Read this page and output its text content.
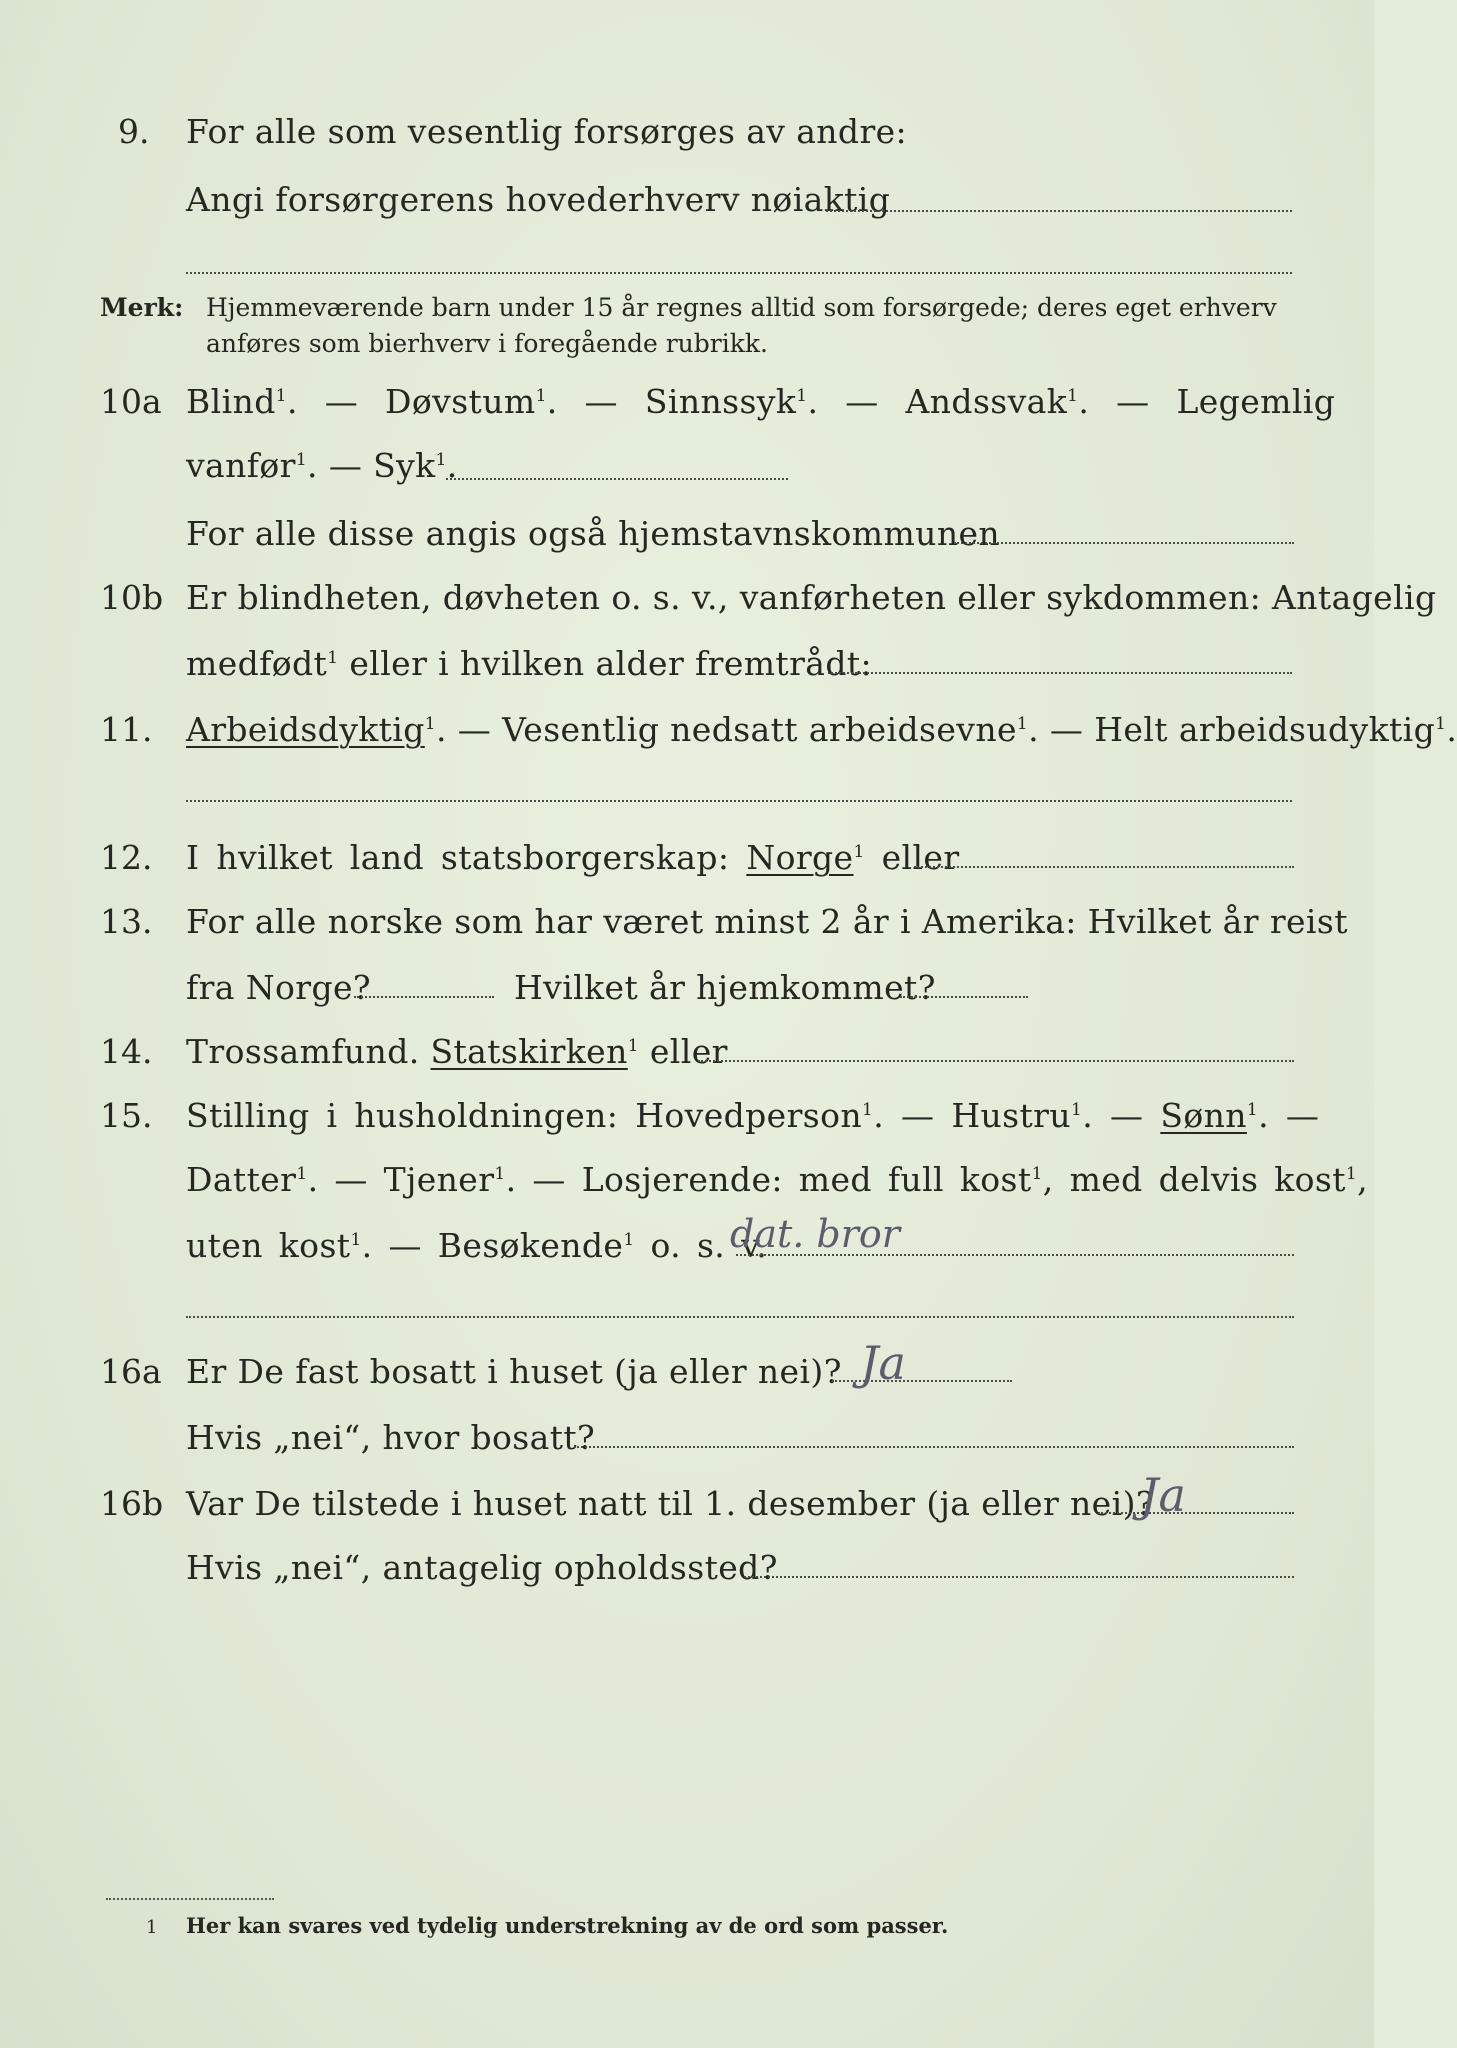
9. For alle som vesentlig forsørges av andre:
Angi forsørgerens hovederhverv nøiaktig
Merk: Hjemmeværende barn under 15 år regnes alltid som forsørgede; deres eget erhverv
anføres som bierhverv i foregående rubrikk.
10a Blind$^1$. — Døvstum$^1$. — Sinnssyk$^1$. — Andssvak$^1$. — Legemlig
vanfør$^1$. — Syk$^1$.
For alle disse angis også hjemstavnskommunen
10b Er blindheten, døvheten o. s. v., vanførheten eller sykdommen: Antagelig
medfødt$^1$ eller i hvilken alder fremtrådt:
11. Arbeidsdyktig$^1$. — Vesentlig nedsatt arbeidsevne$^1$. — Helt arbeidsudyktig$^1$.
12. I hvilket land statsborgerskap: Norge$^1$ eller
13. For alle norske som har været minst 2 år i Amerika: Hvilket år reist
fra Norge?	Hvilket år hjemkommet?
14. Trossamfund. Statskirken$^1$ eller
15. Stilling i husholdningen: Hovedperson$^1$. — Hustru$^1$. — Sønn$^1$. —
Datter$^1$. — Tjener$^1$. — Losjerende: med full kost$^1$, med delvis kost$^1$,
uten kost$^1$. — Besøkende$^1$ o. s. v.
dat. bror
16a Er De fast bosatt i huset (ja eller nei)? Ja
Hvis „nei“, hvor bosatt?
16b Var De tilstede i huset natt til 1. desember (ja eller nei)?
Ja
Hvis „nei“, antagelig opholdssted?
1 Her kan svares ved tydelig understrekning av de ord som passer.
